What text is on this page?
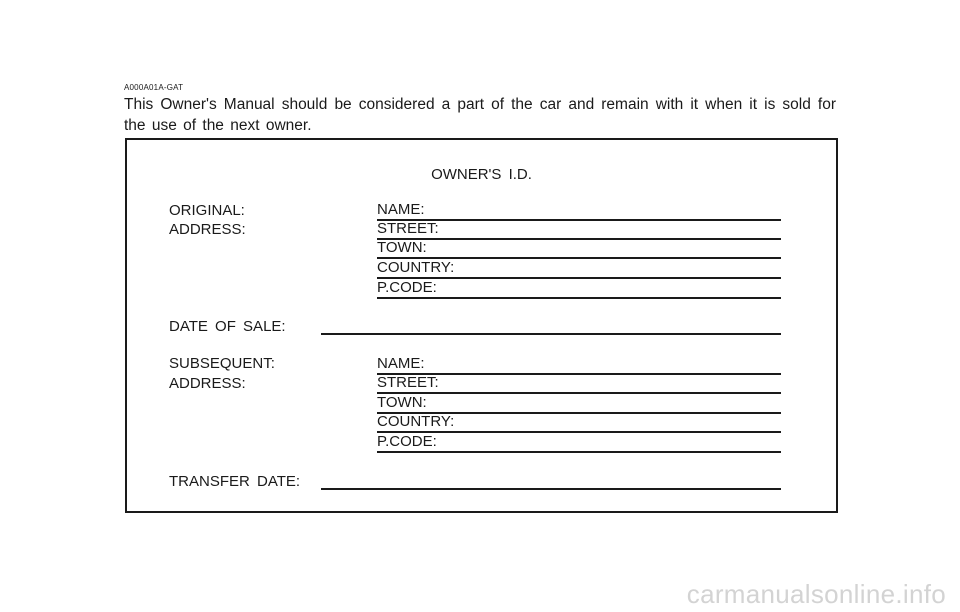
A000A01A-GAT
This Owner's Manual should be considered a part of the car and remain with it when it is sold for the use of the next owner.
OWNER'S I.D.
ORIGINAL:
ADDRESS:
NAME:
STREET:
TOWN:
COUNTRY:
P.CODE:
DATE OF SALE:
SUBSEQUENT:
ADDRESS:
NAME:
STREET:
TOWN:
COUNTRY:
P.CODE:
TRANSFER DATE:
carmanualsonline.info
